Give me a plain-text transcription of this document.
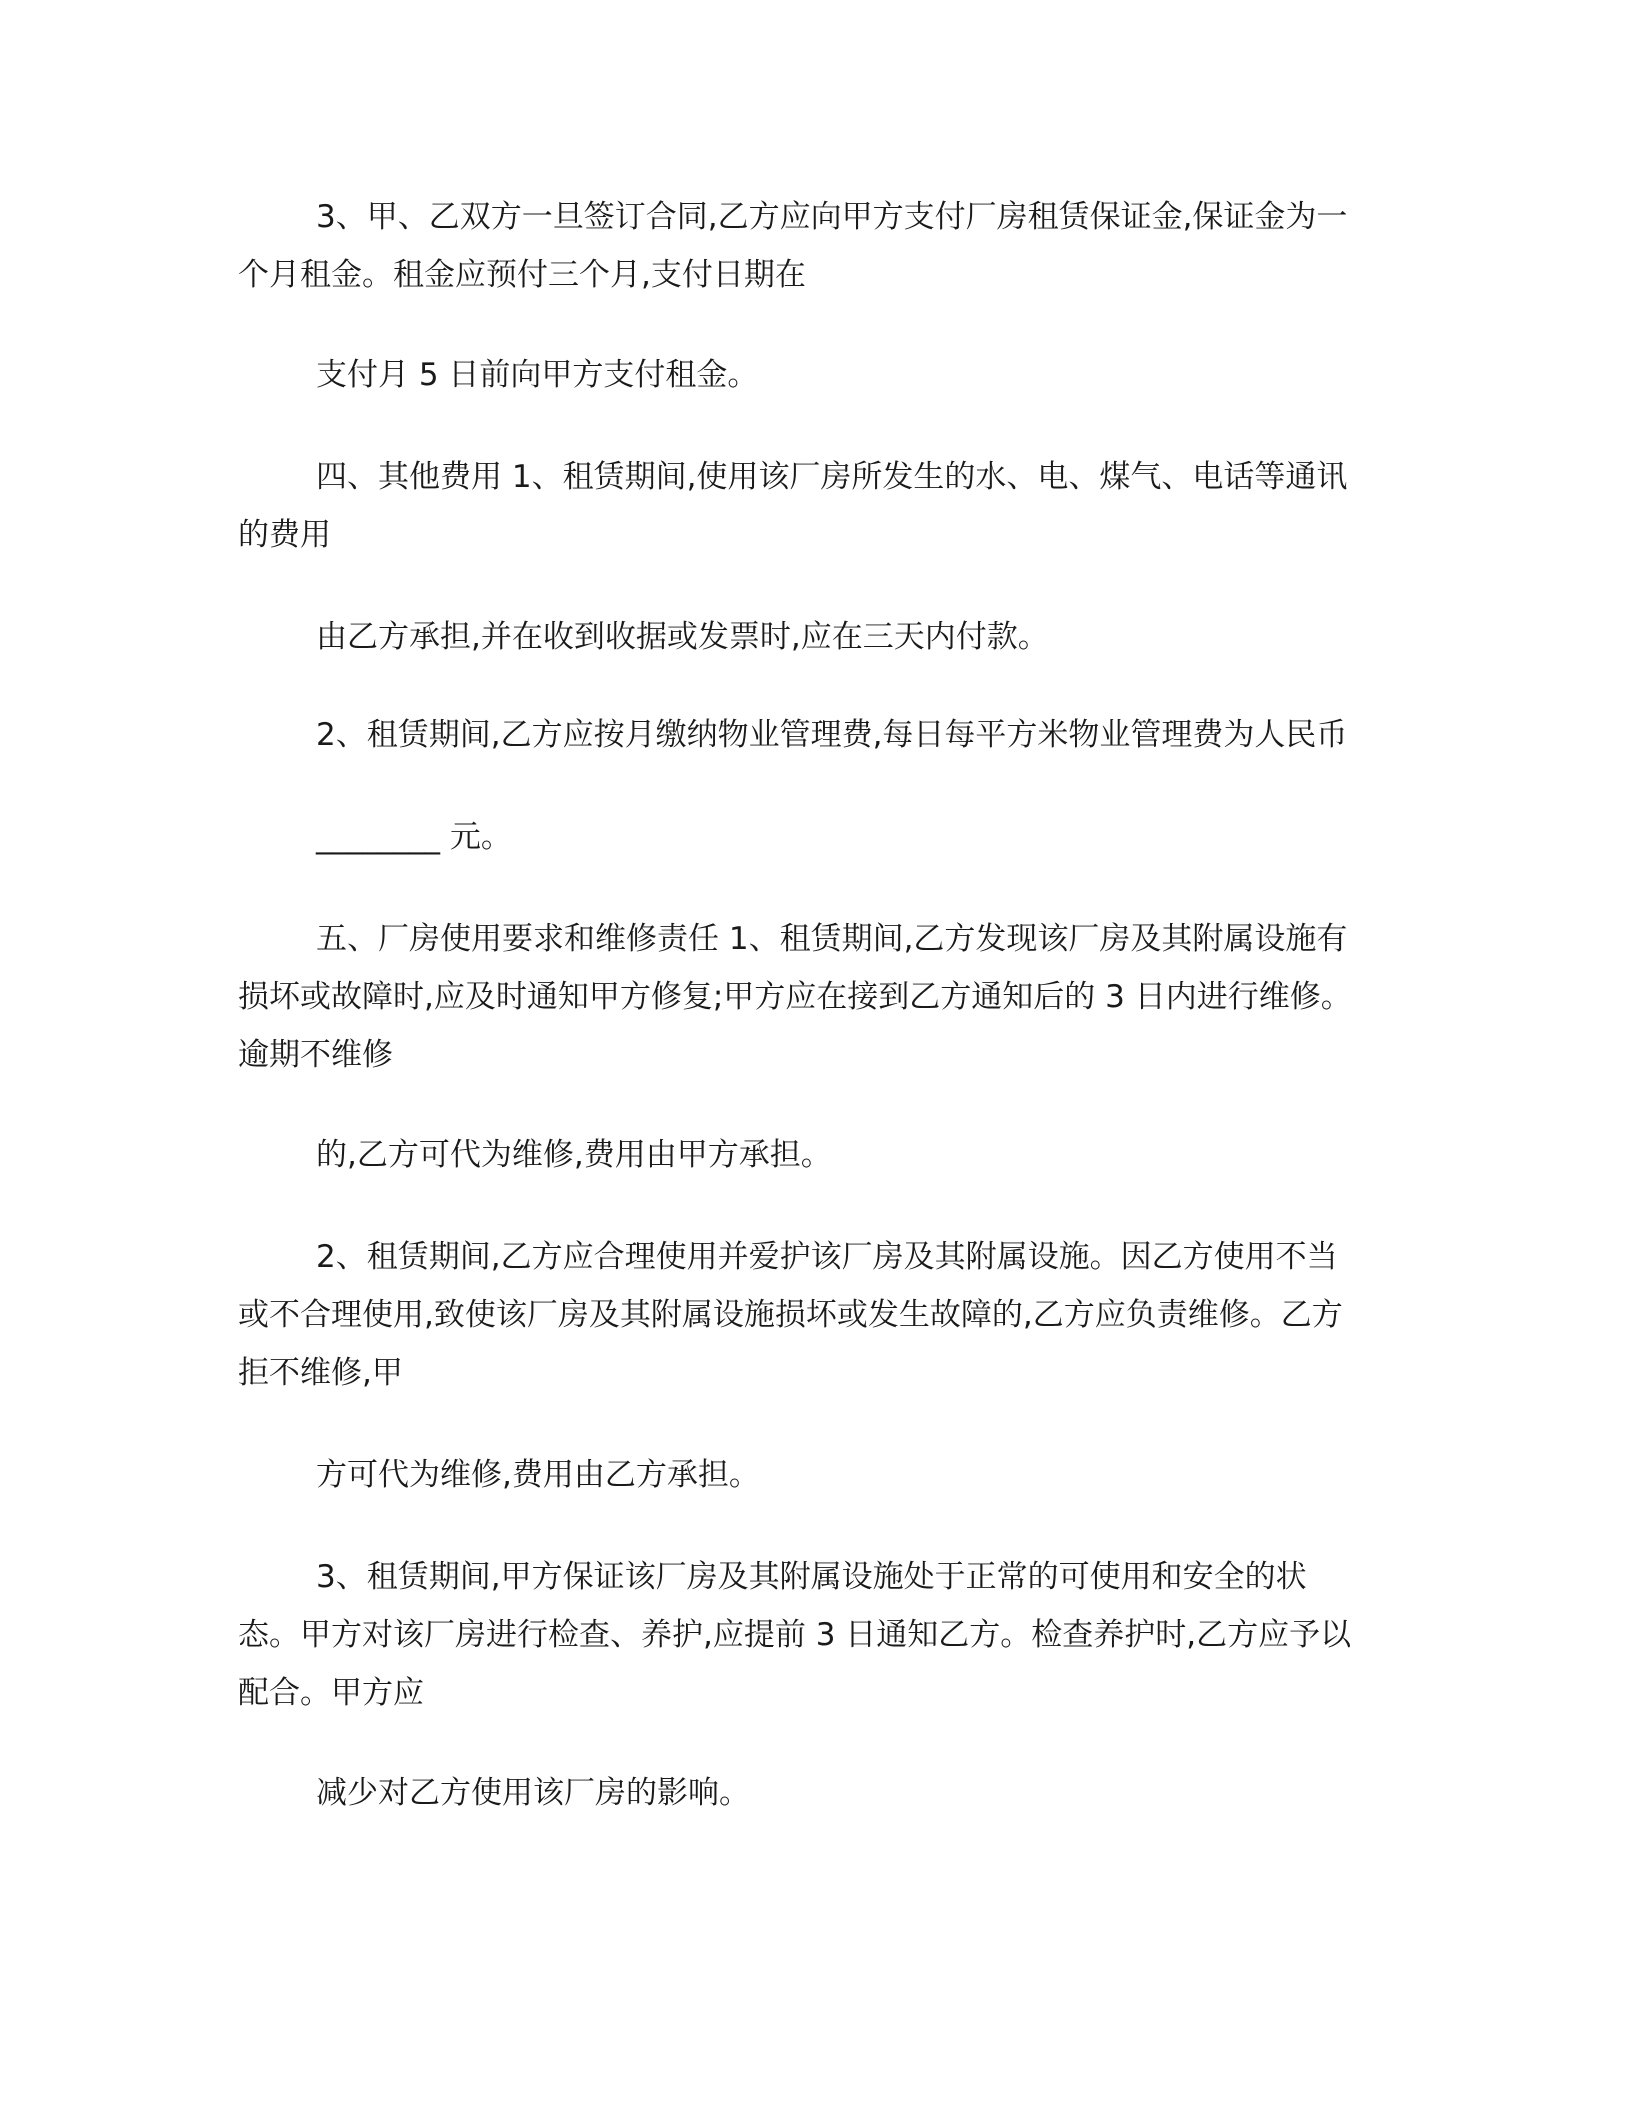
3、甲、乙双方一旦签订合同,乙方应向甲方支付厂房租赁保证金,保证金为一
个月租金。租金应预付三个月,支付日期在

支付月 5 日前向甲方支付租金。

四、其他费用 1、租赁期间,使用该厂房所发生的水、电、煤气、电话等通讯
的费用

由乙方承担,并在收到收据或发票时,应在三天内付款。

2、租赁期间,乙方应按月缴纳物业管理费,每日每平方米物业管理费为人民币

________ 元。

五、厂房使用要求和维修责任 1、租赁期间,乙方发现该厂房及其附属设施有
损坏或故障时,应及时通知甲方修复;甲方应在接到乙方通知后的 3 日内进行维修。
逾期不维修

的,乙方可代为维修,费用由甲方承担。

2、租赁期间,乙方应合理使用并爱护该厂房及其附属设施。因乙方使用不当
或不合理使用,致使该厂房及其附属设施损坏或发生故障的,乙方应负责维修。乙方
拒不维修,甲

方可代为维修,费用由乙方承担。

3、租赁期间,甲方保证该厂房及其附属设施处于正常的可使用和安全的状
态。甲方对该厂房进行检查、养护,应提前 3 日通知乙方。检查养护时,乙方应予以
配合。甲方应

减少对乙方使用该厂房的影响。
